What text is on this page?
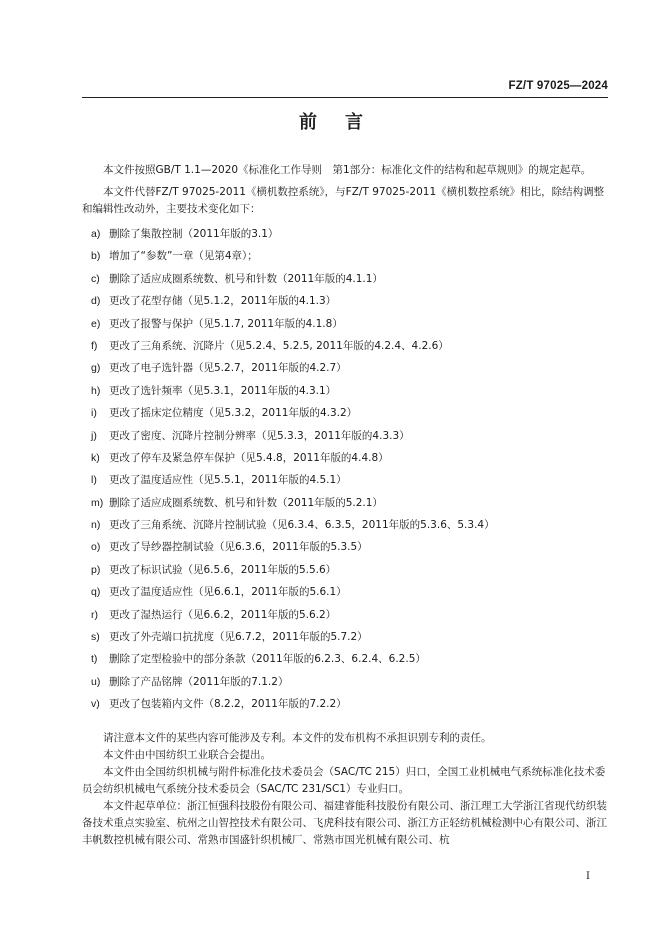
FZ/T 97025—2024
前言

本文件按照GB/T 1.1—2020《标准化工作导则　第1部分：标准化文件的结构和起草规则》的规定起草。

本文件代替FZ/T 97025-2011《横机数控系统》，与FZ/T 97025-2011《横机数控系统》相比，除结构调整和编辑性改动外，主要技术变化如下：

a) 删除了集散控制（2011年版的3.1）
b) 增加了“参数”一章（见第4章）；
c) 删除了适应成圈系统数、机号和针数（2011年版的4.1.1）
d) 更改了花型存储（见5.1.2，2011年版的4.1.3）
e) 更改了报警与保护（见5.1.7, 2011年版的4.1.8）
f) 更改了三角系统、沉降片（见5.2.4、5.2.5, 2011年版的4.2.4、4.2.6）
g) 更改了电子选针器（见5.2.7，2011年版的4.2.7）
h) 更改了选针频率（见5.3.1，2011年版的4.3.1）
i) 更改了摇床定位精度（见5.3.2，2011年版的4.3.2）
j) 更改了密度、沉降片控制分辨率（见5.3.3，2011年版的4.3.3）
k) 更改了停车及紧急停车保护（见5.4.8，2011年版的4.4.8）
l) 更改了温度适应性（见5.5.1，2011年版的4.5.1）
m) 删除了适应成圈系统数、机号和针数（2011年版的5.2.1）
n) 更改了三角系统、沉降片控制试验（见6.3.4、6.3.5，2011年版的5.3.6、5.3.4）
o) 更改了导纱器控制试验（见6.3.6，2011年版的5.3.5）
p) 更改了标识试验（见6.5.6，2011年版的5.5.6）
q) 更改了温度适应性（见6.6.1，2011年版的5.6.1）
r) 更改了湿热运行（见6.6.2，2011年版的5.6.2）
s) 更改了外壳端口抗扰度（见6.7.2，2011年版的5.7.2）
t) 删除了定型检验中的部分条款（2011年版的6.2.3、6.2.4、6.2.5）
u) 删除了产品铭牌（2011年版的7.1.2）
v) 更改了包装箱内文件（8.2.2，2011年版的7.2.2）

请注意本文件的某些内容可能涉及专利。本文件的发布机构不承担识别专利的责任。

本文件由中国纺织工业联合会提出。

本文件由全国纺织机械与附件标准化技术委员会（SAC/TC 215）归口，全国工业机械电气系统标准化技术委员会纺织机械电气系统分技术委员会（SAC/TC 231/SC1）专业归口。

本文件起草单位：浙江恒强科技股份有限公司、福建睿能科技股份有限公司、浙江理工大学浙江省现代纺织装备技术重点实验室、杭州之山智控技术有限公司、飞虎科技有限公司、浙江方正轻纺机械检测中心有限公司、浙江丰帆数控机械有限公司、常熟市国盛针织机械厂、常熟市国光机械有限公司、杭

I
